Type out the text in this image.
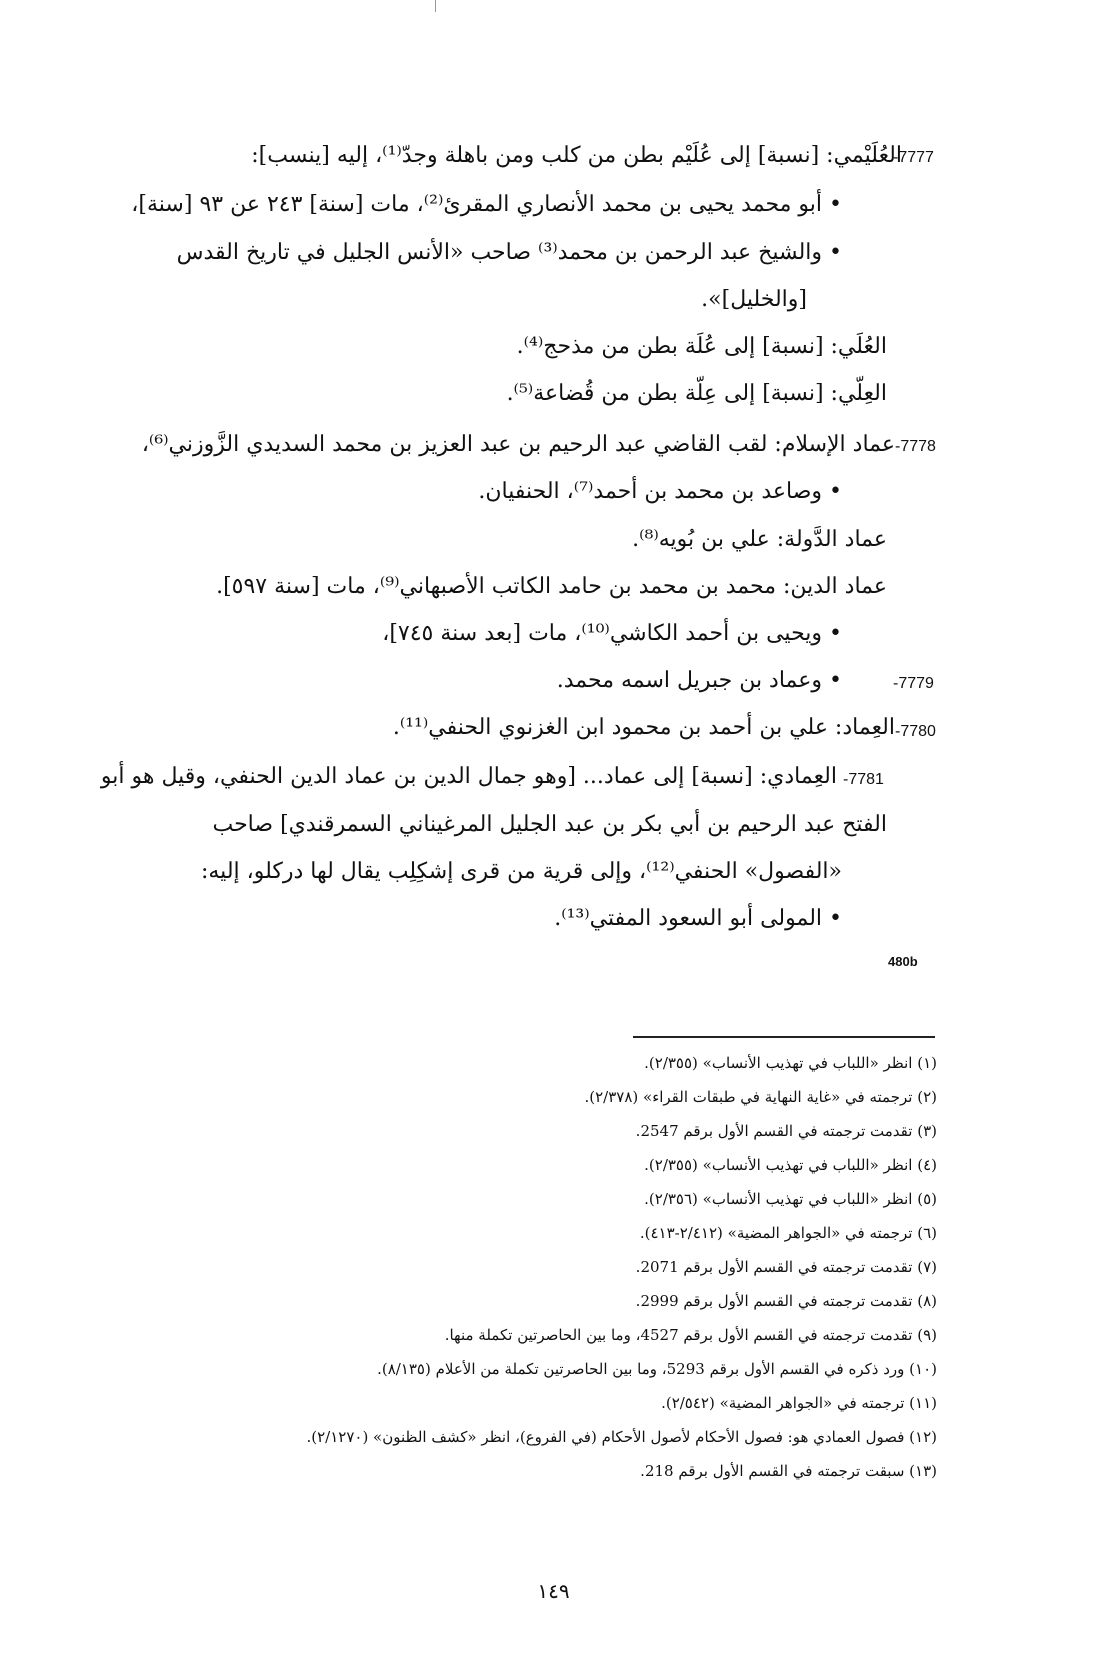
العُلَيْمي: [نسبة] إلى عُلَيْم بطن من كلب ومن باهلة وجدّ⁽¹⁾، إليه [ينسب]:
-7777
• أبو محمد يحيى بن محمد الأنصاري المقرئ⁽²⁾، مات [سنة] ٢٤٣ عن ٩٣ [سنة]،
• والشيخ عبد الرحمن بن محمد⁽³⁾ صاحب «الأنس الجليل في تاريخ القدس
[والخليل]».
العُلَي: [نسبة] إلى عُلَة بطن من مذحج⁽⁴⁾.
العِلّي: [نسبة] إلى عِلّة بطن من قُضاعة⁽⁵⁾.
-7778
عماد الإسلام: لقب القاضي عبد الرحيم بن عبد العزيز بن محمد السديدي الزَّوزني⁽⁶⁾،
• وصاعد بن محمد بن أحمد⁽⁷⁾، الحنفيان.
عماد الدَّولة: علي بن بُويه⁽⁸⁾.
عماد الدين: محمد بن محمد بن حامد الكاتب الأصبهاني⁽⁹⁾، مات [سنة ٥٩٧].
• ويحيى بن أحمد الكاشي⁽¹⁰⁾، مات [بعد سنة ٧٤٥]،
-7779
• وعماد بن جبريل اسمه محمد.
-7780
العِماد: علي بن أحمد بن محمود ابن الغزنوي الحنفي⁽¹¹⁾.
-7781
العِمادي: [نسبة] إلى عماد... [وهو جمال الدين بن عماد الدين الحنفي، وقيل هو أبو
الفتح عبد الرحيم بن أبي بكر بن عبد الجليل المرغيناني السمرقندي] صاحب
«الفصول» الحنفي⁽¹²⁾، وإلى قرية من قرى إشكِلِب يقال لها دركلو، إليه:
• المولى أبو السعود المفتي⁽¹³⁾.
480b
(١) انظر «اللباب في تهذيب الأنساب» (٢/٣٥٥).
(٢) ترجمته في «غاية النهاية في طبقات القراء» (٢/٣٧٨).
(٣) تقدمت ترجمته في القسم الأول برقم 2547.
(٤) انظر «اللباب في تهذيب الأنساب» (٢/٣٥٥).
(٥) انظر «اللباب في تهذيب الأنساب» (٢/٣٥٦).
(٦) ترجمته في «الجواهر المضية» (٢/٤١٢-٤١٣).
(٧) تقدمت ترجمته في القسم الأول برقم 2071.
(٨) تقدمت ترجمته في القسم الأول برقم 2999.
(٩) تقدمت ترجمته في القسم الأول برقم 4527، وما بين الحاصرتين تكملة منها.
(١٠) ورد ذكره في القسم الأول برقم 5293، وما بين الحاصرتين تكملة من الأعلام (٨/١٣٥).
(١١) ترجمته في «الجواهر المضية» (٢/٥٤٢).
(١٢) فصول العمادي هو: فصول الأحكام لأصول الأحكام (في الفروع)، انظر «كشف الظنون» (٢/١٢٧٠).
(١٣) سبقت ترجمته في القسم الأول برقم 218.
١٤٩
